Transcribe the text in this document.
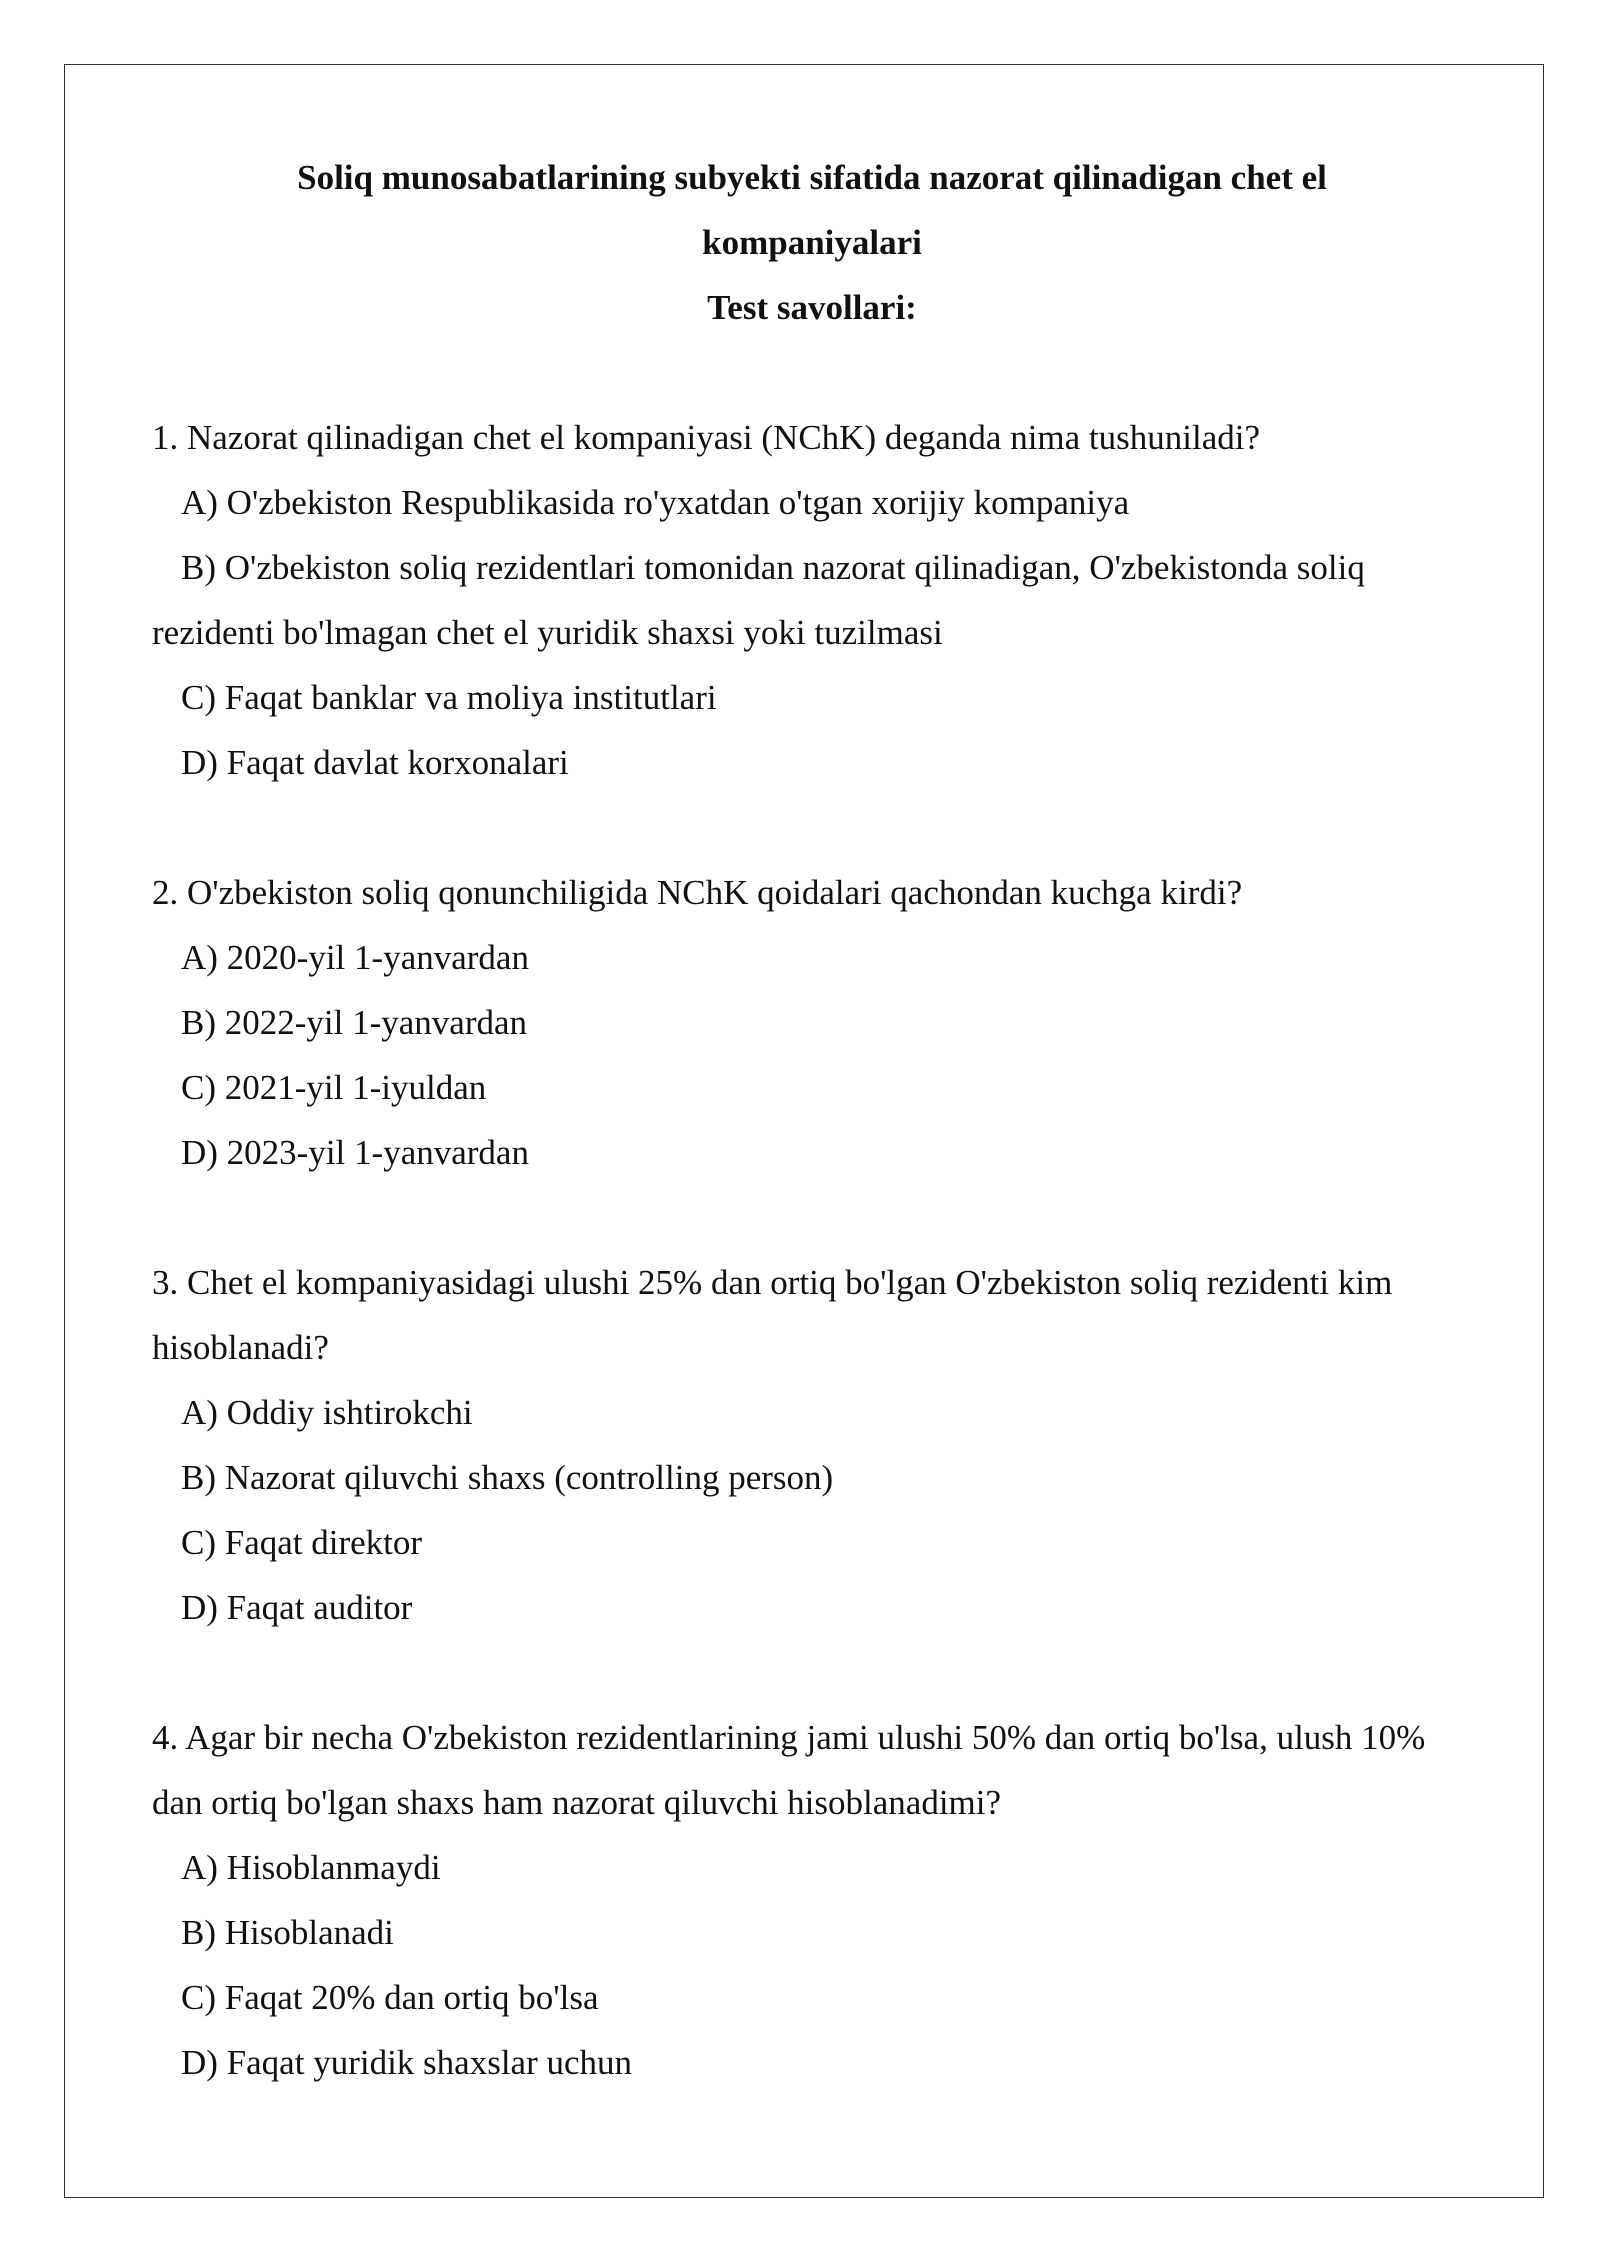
Soliq munosabatlarining subyekti sifatida nazorat qilinadigan chet el
kompaniyalari
Test savollari:
1. Nazorat qilinadigan chet el kompaniyasi (NChK) deganda nima tushuniladi?
A) O'zbekiston Respublikasida ro'yxatdan o'tgan xorijiy kompaniya
B) O'zbekiston soliq rezidentlari tomonidan nazorat qilinadigan, O'zbekistonda soliq rezidenti bo'lmagan chet el yuridik shaxsi yoki tuzilmasi
C) Faqat banklar va moliya institutlari
D) Faqat davlat korxonalari
2. O'zbekiston soliq qonunchiligida NChK qoidalari qachondan kuchga kirdi?
A) 2020-yil 1-yanvardan
B) 2022-yil 1-yanvardan
C) 2021-yil 1-iyuldan
D) 2023-yil 1-yanvardan
3. Chet el kompaniyasidagi ulushi 25% dan ortiq bo'lgan O'zbekiston soliq rezidenti kim hisoblanadi?
A) Oddiy ishtirokchi
B) Nazorat qiluvchi shaxs (controlling person)
C) Faqat direktor
D) Faqat auditor
4. Agar bir necha O'zbekiston rezidentlarining jami ulushi 50% dan ortiq bo'lsa, ulush 10% dan ortiq bo'lgan shaxs ham nazorat qiluvchi hisoblanadimi?
A) Hisoblanmaydi
B) Hisoblanadi
C) Faqat 20% dan ortiq bo'lsa
D) Faqat yuridik shaxslar uchun
